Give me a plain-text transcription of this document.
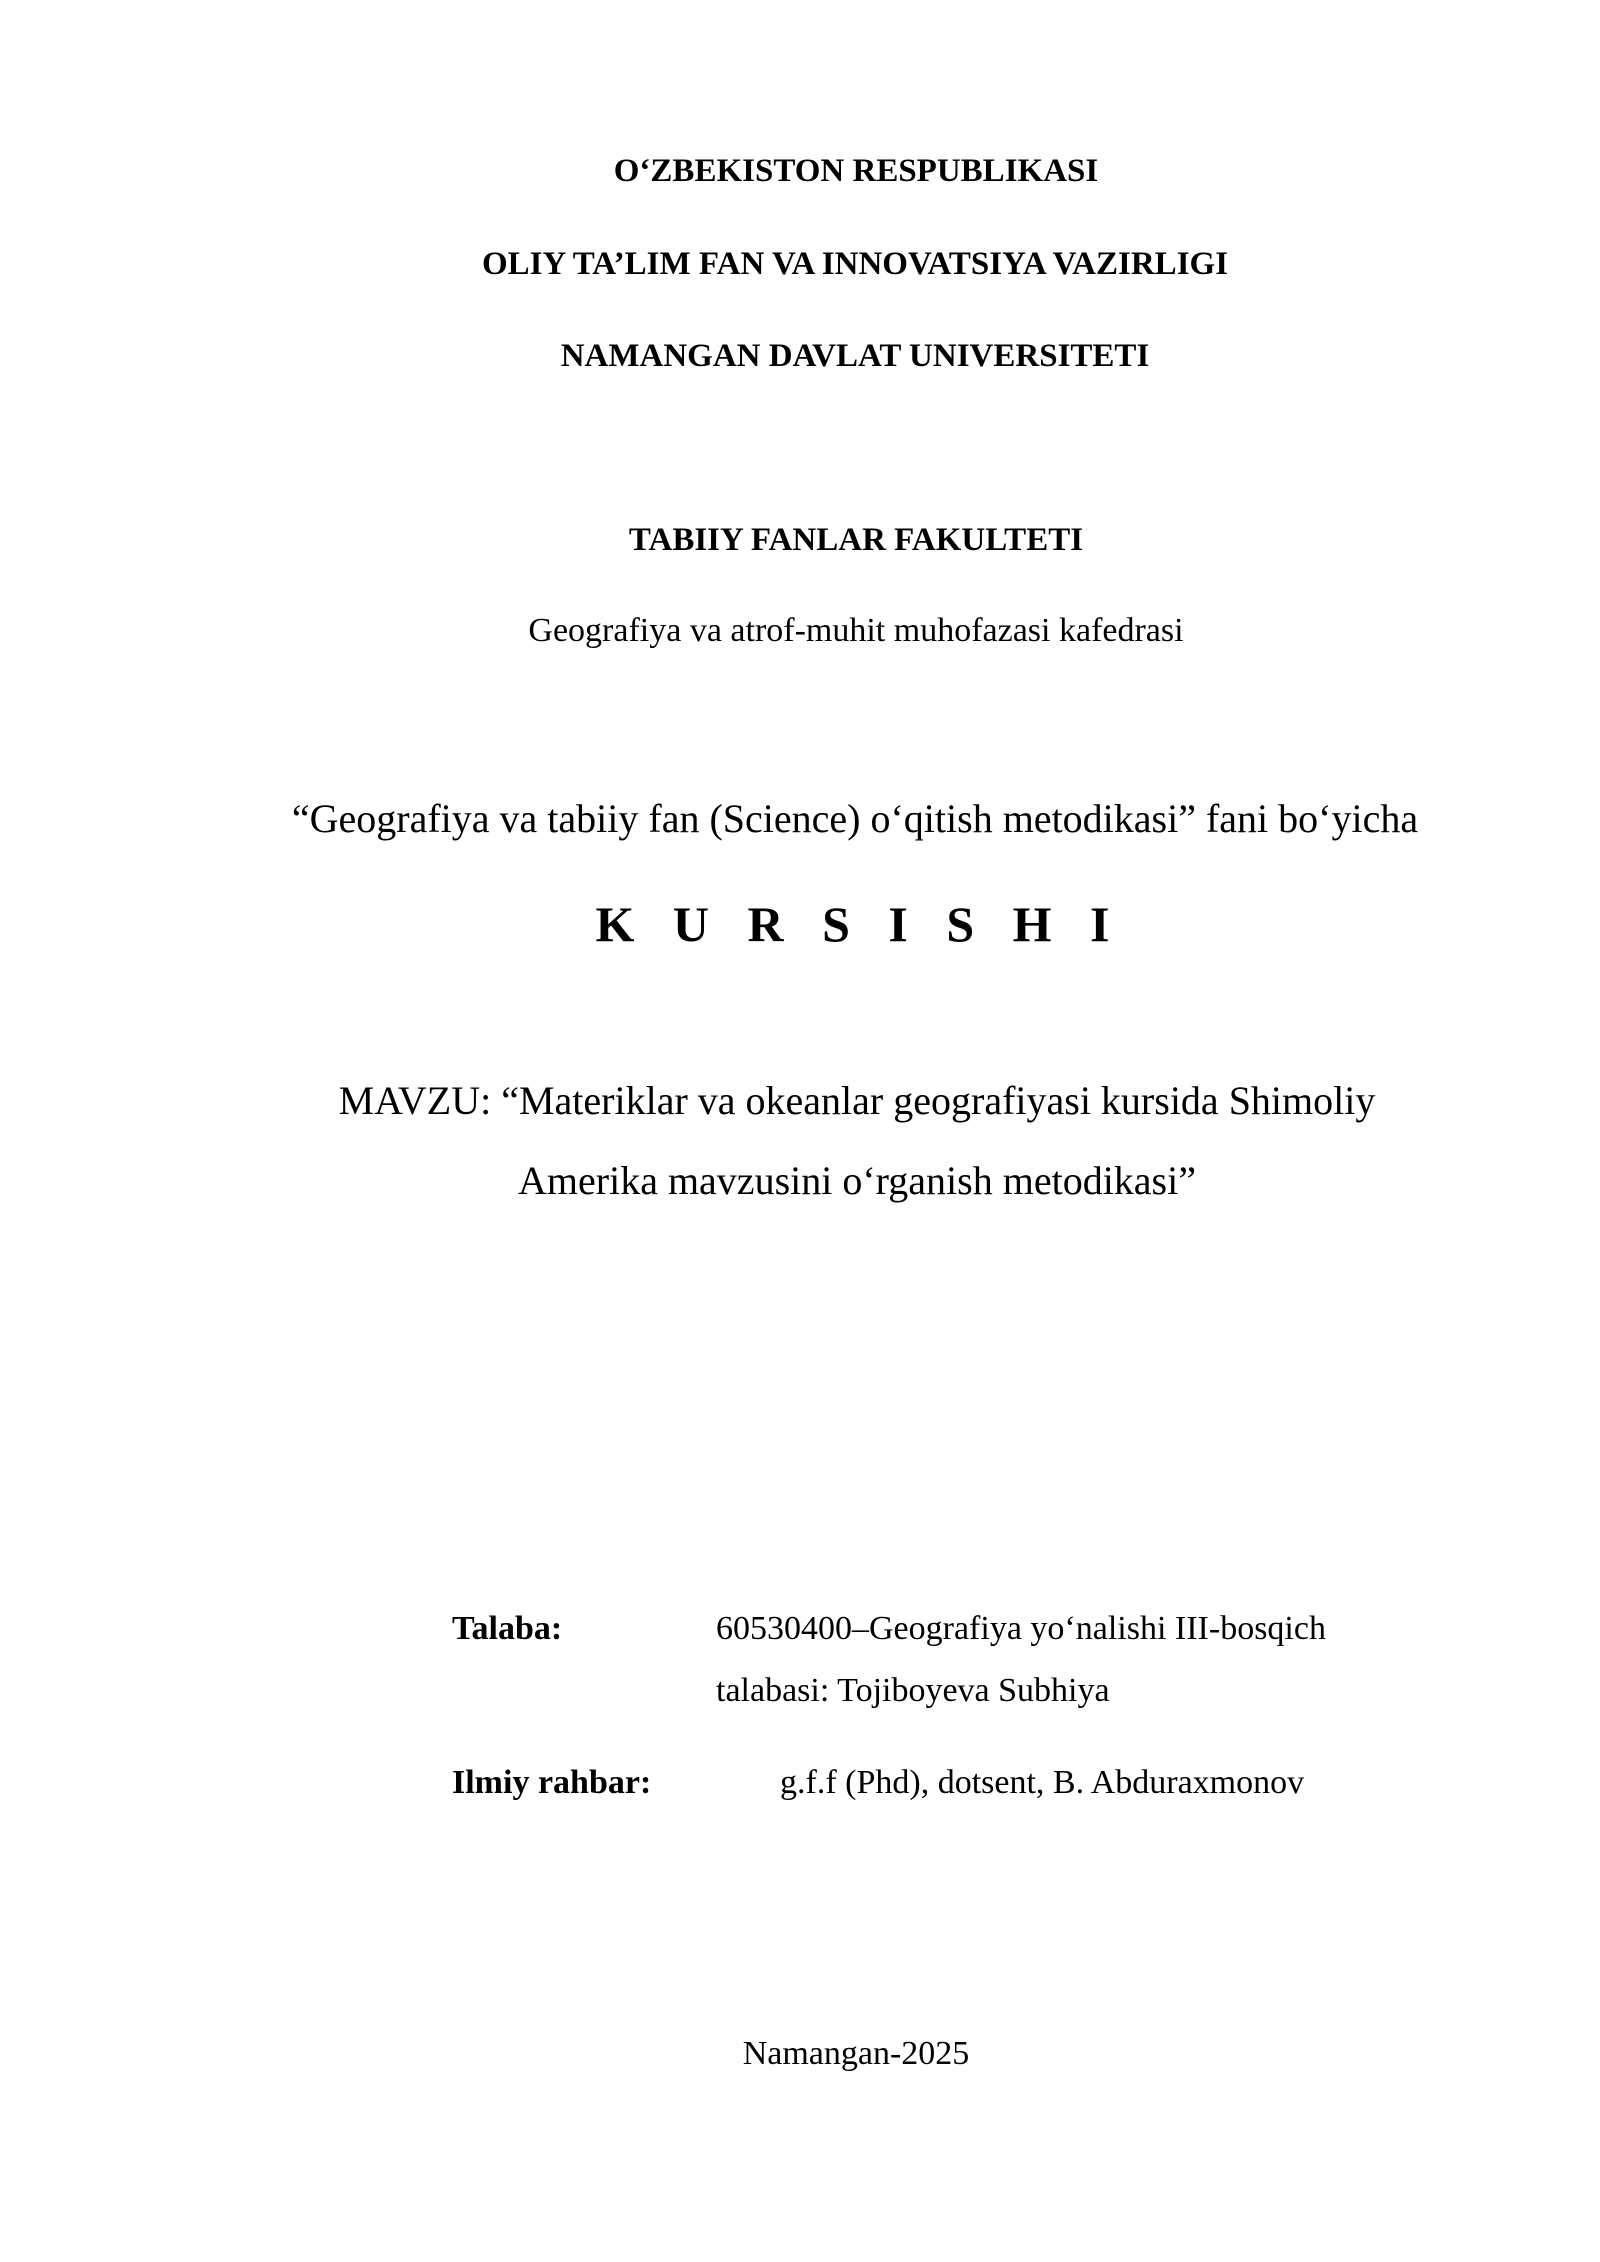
O‘ZBEKISTON RESPUBLIKASI
OLIY TA’LIM FAN VA INNOVATSIYA VAZIRLIGI
NAMANGAN DAVLAT UNIVERSITETI
TABIIY FANLAR FAKULTETI
Geografiya va atrof-muhit muhofazasi kafedrasi
“Geografiya va tabiiy fan (Science) o‘qitish metodikasi” fani bo‘yicha
K U R S I S H I
MAVZU: “Materiklar va okeanlar geografiyasi kursida Shimoliy
Amerika mavzusini o‘rganish metodikasi”
Talaba:	60530400–Geografiya yo‘nalishi III-bosqich
talabasi: Tojiboyeva Subhiya
Ilmiy rahbar:	g.f.f (Phd), dotsent, B. Abduraxmonov
Namangan-2025
